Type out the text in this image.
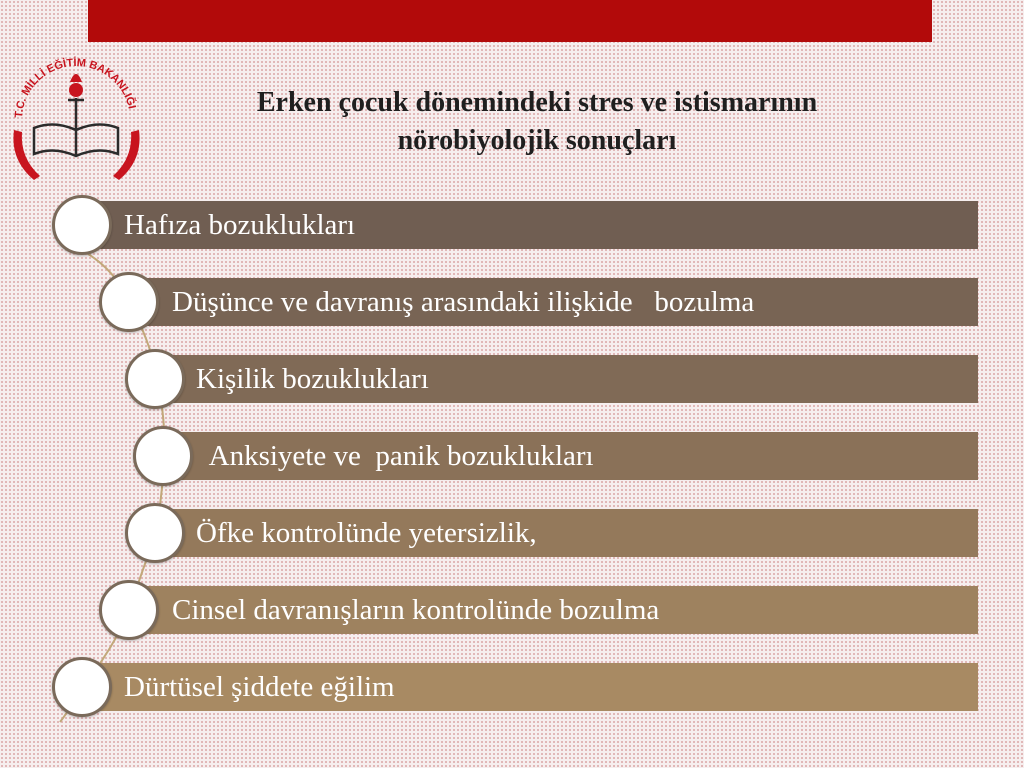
T.C. MİLLİ EĞİTİM BAKANLIĞI	Erken çocuk dönemindeki stres ve istismarının
nörobiyolojik sonuçları
Hafıza bozuklukları
Düşünce ve davranış arasındaki ilişkide   bozulma
Kişilik bozuklukları
Anksiyete ve  panik bozuklukları
Öfke kontrolünde yetersizlik,
Cinsel davranışların kontrolünde bozulma
Dürtüsel şiddete eğilim
